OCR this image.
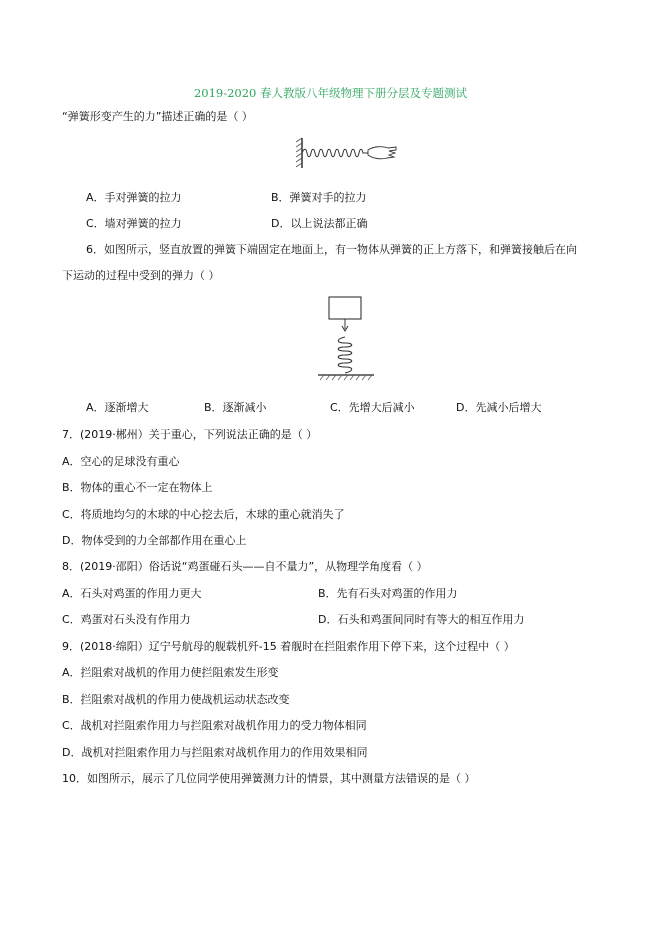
2019-2020 春人教版八年级物理下册分层及专题测试
“弹簧形变产生的力”描述正确的是（ ）
A．手对弹簧的拉力	B．弹簧对手的拉力
C．墙对弹簧的拉力	D．以上说法都正确
6．如图所示，竖直放置的弹簧下端固定在地面上，有一物体从弹簧的正上方落下，和弹簧接触后在向
下运动的过程中受到的弹力（ ）
A．逐渐增大	B．逐渐减小	C．先增大后减小	D．先减小后增大
7．(2019·郴州）关于重心，下列说法正确的是（ ）
A．空心的足球没有重心
B．物体的重心不一定在物体上
C．将质地均匀的木球的中心挖去后，木球的重心就消失了
D．物体受到的力全部都作用在重心上
8．(2019·邵阳）俗话说“鸡蛋碰石头——自不量力”，从物理学角度看（ ）
A．石头对鸡蛋的作用力更大	B．先有石头对鸡蛋的作用力
C．鸡蛋对石头没有作用力	D．石头和鸡蛋间同时有等大的相互作用力
9．(2018·绵阳）辽宁号航母的舰载机歼-15 着舰时在拦阻索作用下停下来，这个过程中（ ）
A．拦阻索对战机的作用力使拦阻索发生形变
B．拦阻索对战机的作用力使战机运动状态改变
C．战机对拦阻索作用力与拦阻索对战机作用力的受力物体相同
D．战机对拦阻索作用力与拦阻索对战机作用力的作用效果相同
10．如图所示，展示了几位同学使用弹簧测力计的情景，其中测量方法错误的是（ ）
